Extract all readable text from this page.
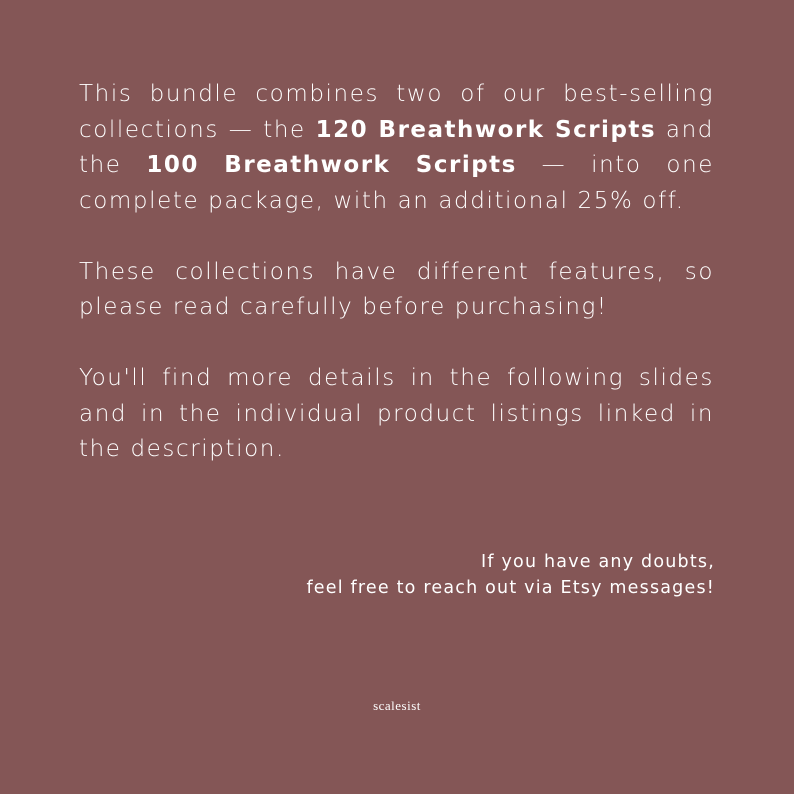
This bundle combines two of our best-selling collections — the 120 Breathwork Scripts and the 100 Breathwork Scripts — into one complete package, with an additional 25% off.

These collections have different features, so please read carefully before purchasing!

You'll find more details in the following slides and in the individual product listings linked in the description.

If you have any doubts,
feel free to reach out via Etsy messages!
scalesist
